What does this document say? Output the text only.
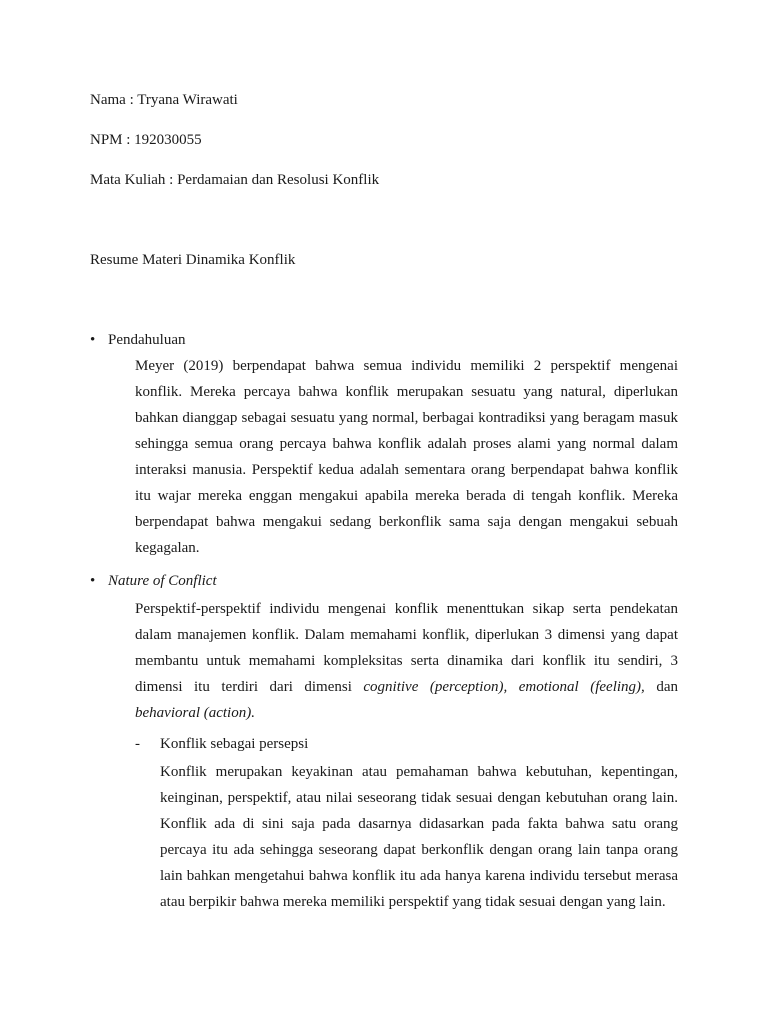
Nama : Tryana Wirawati
NPM : 192030055
Mata Kuliah : Perdamaian dan Resolusi Konflik
Resume Materi Dinamika Konflik
• Pendahuluan
Meyer (2019) berpendapat bahwa semua individu memiliki 2 perspektif mengenai
konflik. Mereka percaya bahwa konflik merupakan sesuatu yang natural, diperlukan
bahkan dianggap sebagai sesuatu yang normal, berbagai kontradiksi yang beragam masuk
sehingga semua orang percaya bahwa konflik adalah proses alami yang normal dalam
interaksi manusia. Perspektif kedua adalah sementara orang berpendapat bahwa konflik
itu wajar mereka enggan mengakui apabila mereka berada di tengah konflik. Mereka
berpendapat bahwa mengakui sedang berkonflik sama saja dengan mengakui sebuah
kegagalan.
• Nature of Conflict
Perspektif-perspektif individu mengenai konflik menenttukan sikap serta pendekatan
dalam manajemen konflik. Dalam memahami konflik, diperlukan 3 dimensi yang dapat
membantu untuk memahami kompleksitas serta dinamika dari konflik itu sendiri, 3
dimensi itu terdiri dari dimensi cognitive (perception), emotional (feeling), dan
behavioral (action).
- Konflik sebagai persepsi
Konflik merupakan keyakinan atau pemahaman bahwa kebutuhan, kepentingan,
keinginan, perspektif, atau nilai seseorang tidak sesuai dengan kebutuhan orang lain.
Konflik ada di sini saja pada dasarnya didasarkan pada fakta bahwa satu orang
percaya itu ada sehingga seseorang dapat berkonflik dengan orang lain tanpa orang
lain bahkan mengetahui bahwa konflik itu ada hanya karena individu tersebut merasa
atau berpikir bahwa mereka memiliki perspektif yang tidak sesuai dengan yang lain.
